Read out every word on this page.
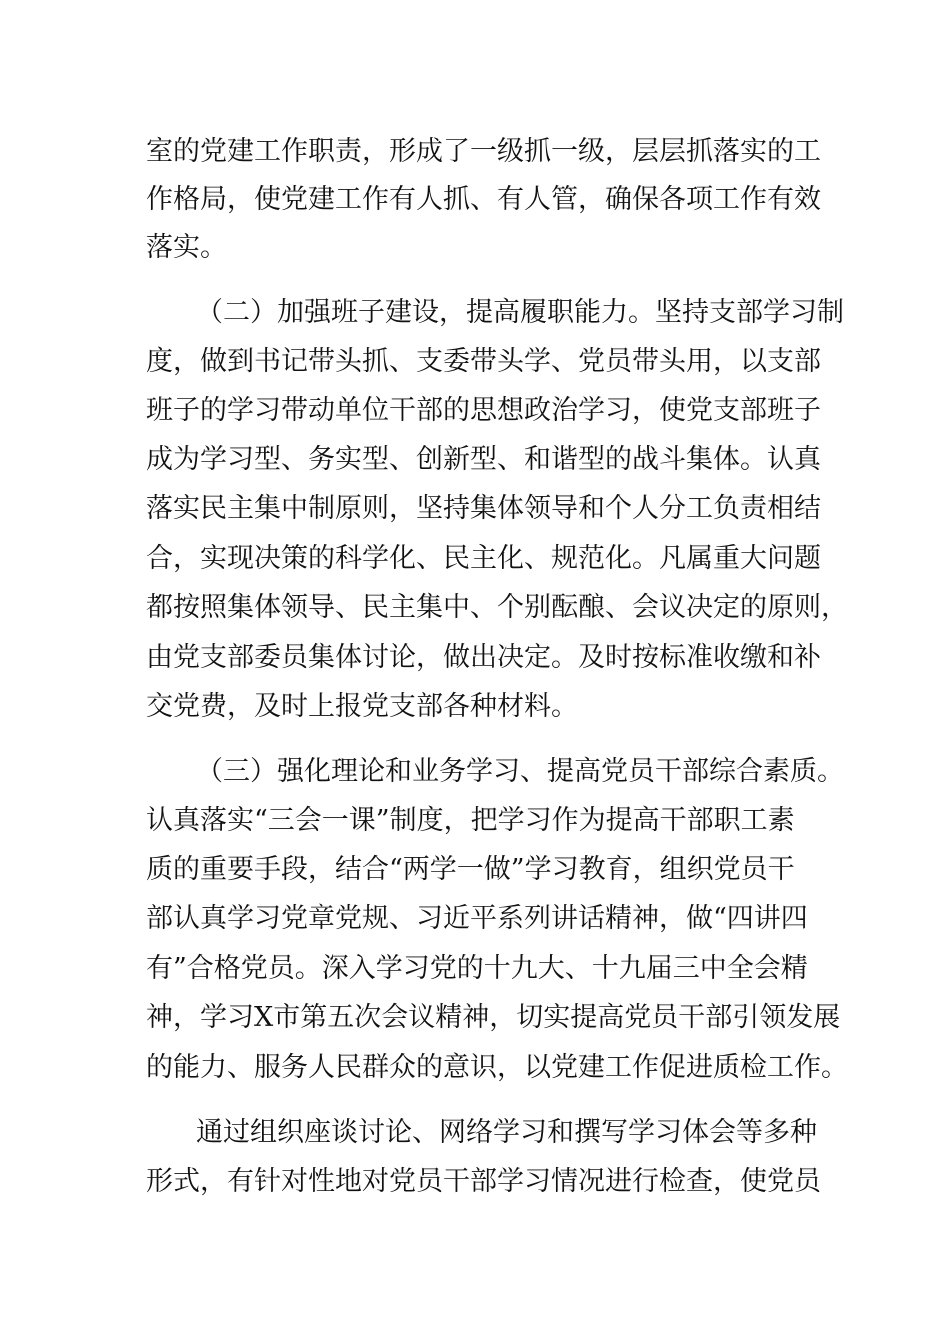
室的党建工作职责，形成了一级抓一级，层层抓落实的工

作格局，使党建工作有人抓、有人管，确保各项工作有效

落实。

（二）加强班子建设，提高履职能力。坚持支部学习制

度，做到书记带头抓、支委带头学、党员带头用，以支部

班子的学习带动单位干部的思想政治学习，使党支部班子

成为学习型、务实型、创新型、和谐型的战斗集体。认真

落实民主集中制原则，坚持集体领导和个人分工负责相结

合，实现决策的科学化、民主化、规范化。凡属重大问题

都按照集体领导、民主集中、个别酝酿、会议决定的原则，

由党支部委员集体讨论，做出决定。及时按标准收缴和补

交党费，及时上报党支部各种材料。

（三）强化理论和业务学习、提高党员干部综合素质。

认真落实“三会一课”制度，把学习作为提高干部职工素

质的重要手段，结合“两学一做”学习教育，组织党员干

部认真学习党章党规、习近平系列讲话精神，做“四讲四

有”合格党员。深入学习党的十九大、十九届三中全会精

神，学习X市第五次会议精神，切实提高党员干部引领发展

的能力、服务人民群众的意识，以党建工作促进质检工作。

通过组织座谈讨论、网络学习和撰写学习体会等多种

形式，有针对性地对党员干部学习情况进行检查，使党员
